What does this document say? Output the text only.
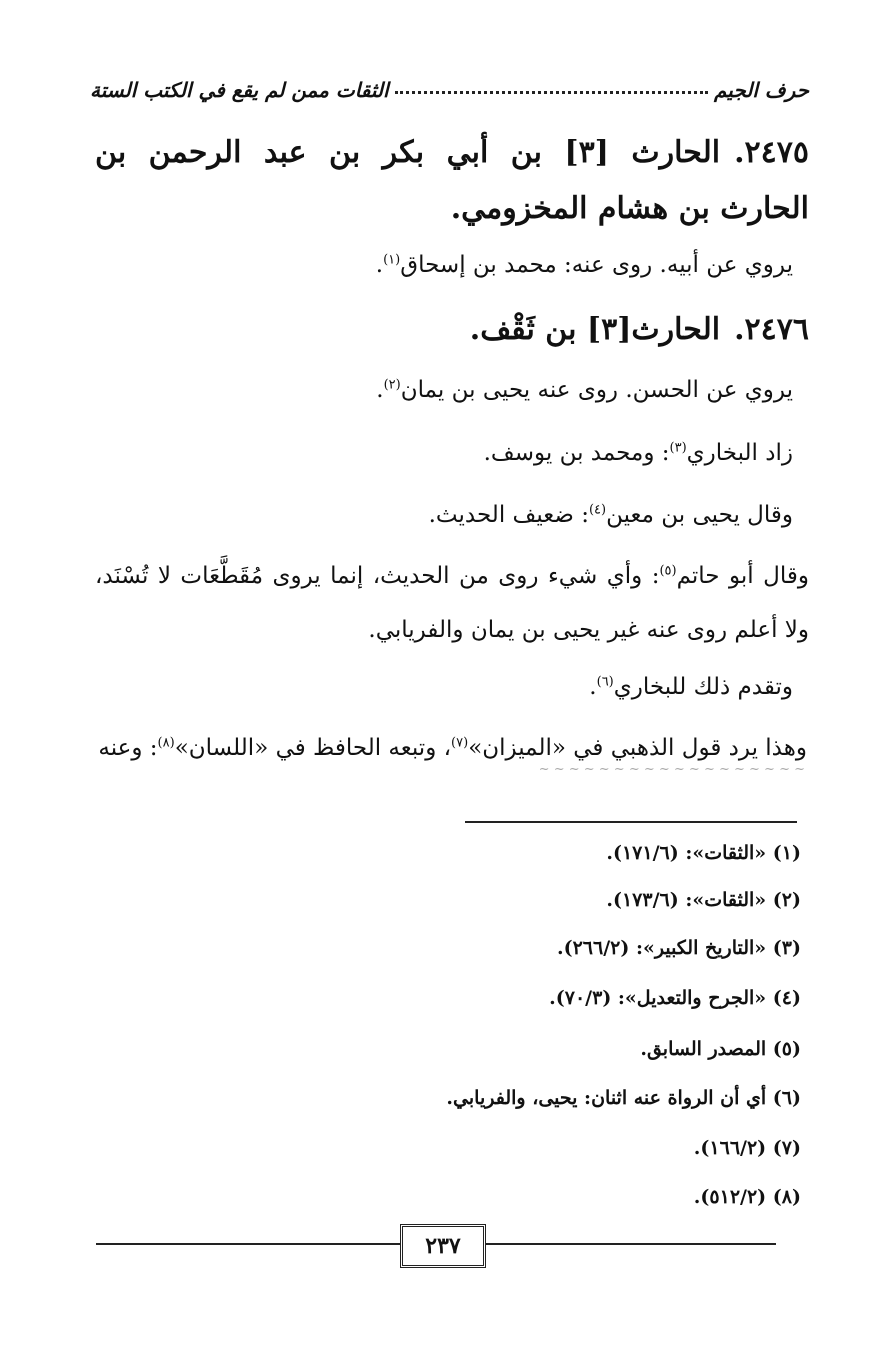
حرف الجيم
الثقات ممن لم يقع في الكتب الستة
٢٤٧٥.الحارث [٣] بن أبي بكر بن عبد الرحمن بن الحارث بن هشام المخزومي.
يروي عن أبيه. روى عنه: محمد بن إسحاق$^{(١)}$.
٢٤٧٦.الحارث[٣] بن ثَقْف.
يروي عن الحسن. روى عنه يحيى بن يمان$^{(٢)}$.
زاد البخاري$^{(٣)}$: ومحمد بن يوسف.
وقال يحيى بن معين$^{(٤)}$: ضعيف الحديث.
وقال أبو حاتم$^{(٥)}$: وأي شيء روى من الحديث، إنما يروى مُقَطَّعَات لا تُسْنَد، ولا أعلم روى عنه غير يحيى بن يمان والفريابي.
وتقدم ذلك للبخاري$^{(٦)}$.
وهذا يرد قول الذهبي في «الميزان»$^{(٧)}$، وتبعه الحافظ في «اللسان»$^{(٨)}$: وعنه
~ ~ ~ ~ ~ ~ ~ ~ ~ ~ ~ ~ ~ ~ ~ ~ ~ ~
(١) «الثقات»: (١٧١/٦).
(٢) «الثقات»: (١٧٣/٦).
(٣) «التاريخ الكبير»: (٢٦٦/٢).
(٤) «الجرح والتعديل»: (٧٠/٣).
(٥) المصدر السابق.
(٦) أي أن الرواة عنه اثنان: يحيى، والفريابي.
(٧) (١٦٦/٢).
(٨) (٥١٢/٢).
٢٣٧
